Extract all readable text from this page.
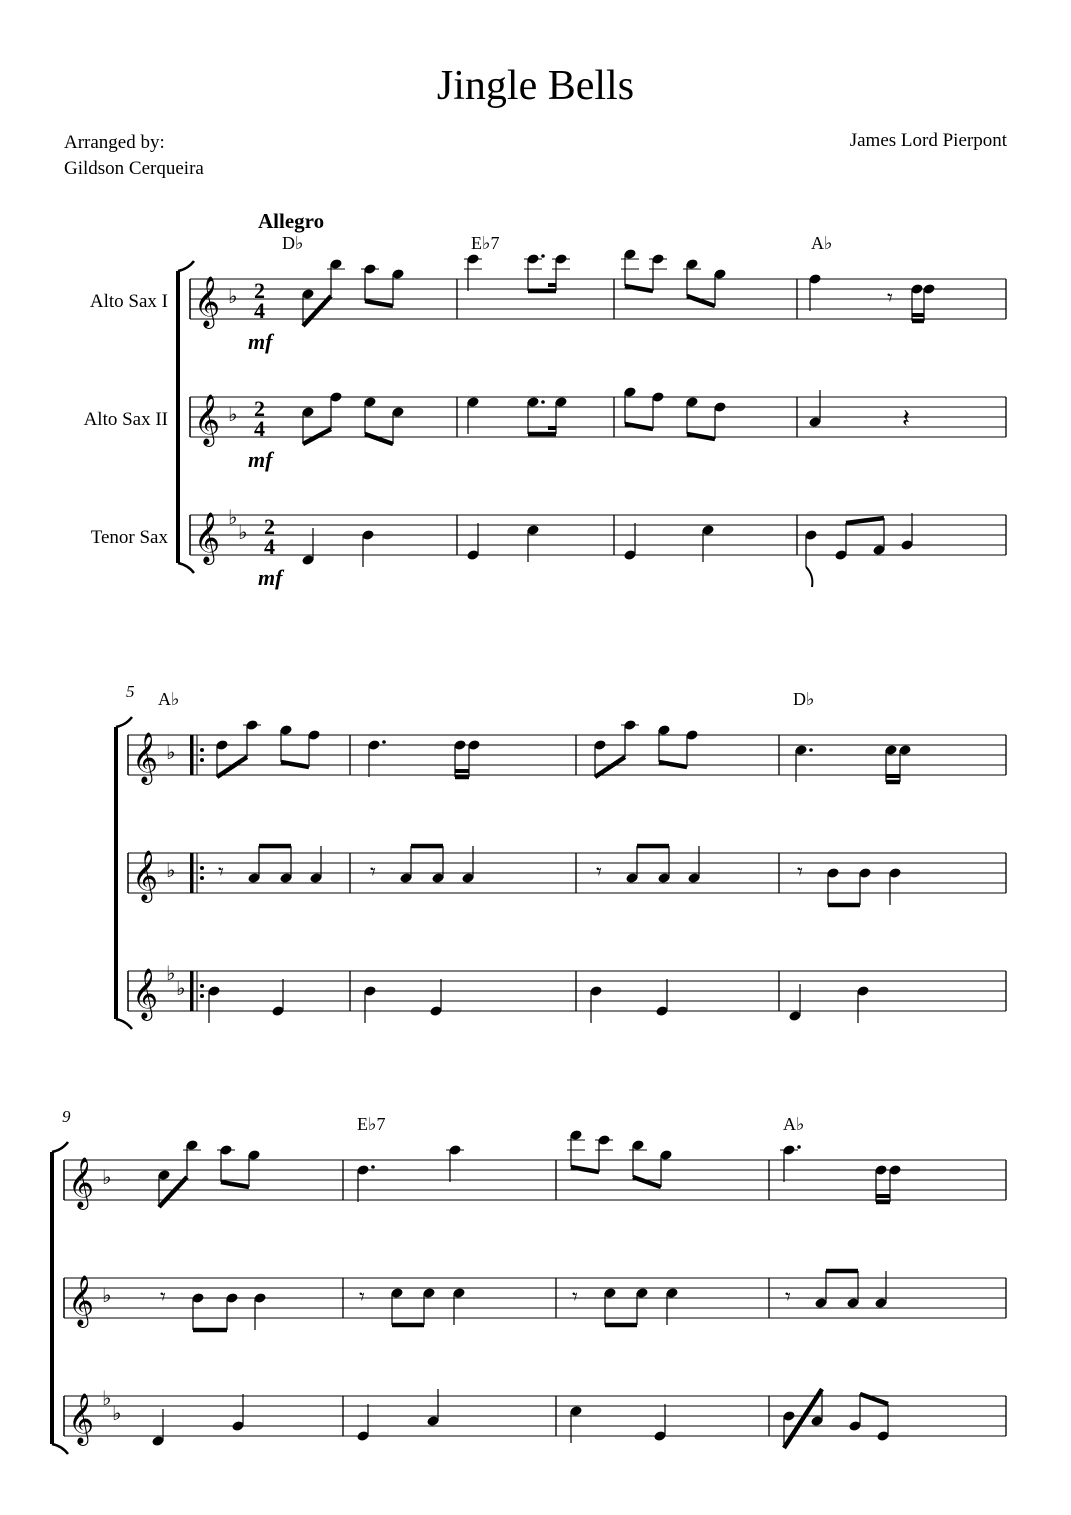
Jingle Bells
Arranged by:
Gildson Cerqueira
James Lord Pierpont
𝄞 ♭ 2
4
mf
Alto Sax I	𝄾
𝄞 ♭ 2
4
mf
Alto Sax II	𝄽
𝄞 ♭
♭ 2
4
mf
Tenor Sax
Allegro
D♭	E♭7	A♭
5
𝄞 ♭
𝄞 ♭ 𝄾	𝄾	𝄾	𝄾
𝄞 ♭
♭
A♭	D♭
9
𝄞 ♭
𝄞 ♭ 𝄾	𝄾	𝄾	𝄾
𝄞 ♭
♭
E♭7	A♭
